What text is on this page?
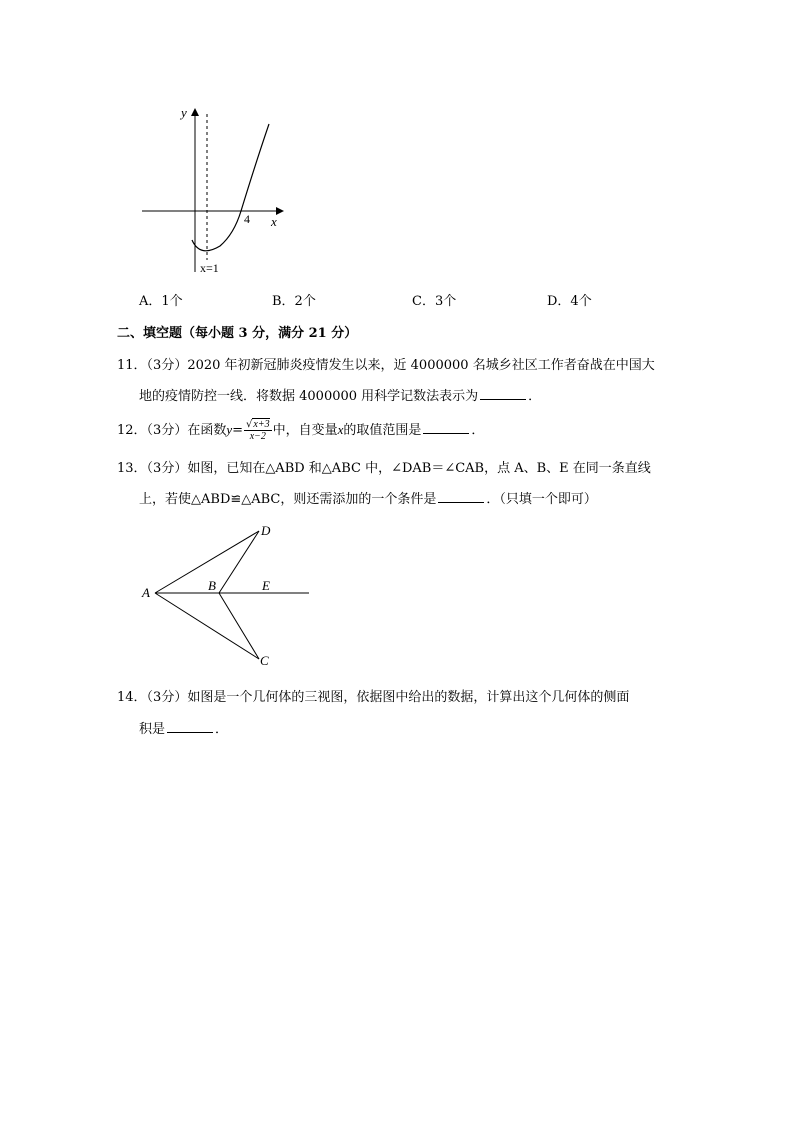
y
x
4
x=1
A．1个	B．2个	C．3个	D．4个
二、填空题（每小题 3 分，满分 21 分）
11．（3分）2020 年初新冠肺炎疫情发生以来，近 4000000 名城乡社区工作者奋战在中国大
地的疫情防控一线．将数据 4000000 用科学记数法表示为	．
12．（3分）在函数$y= \frac{√x+3}{x-2}$ 中，自变量x的取值范围是	．
13．（3分）如图，已知在△ABD 和△ABC 中，∠DAB＝∠CAB，点 A、B、E 在同一条直线
上，若使△ABD≌△ABC，则还需添加的一个条件是	．（只填一个即可）
A	B	E
D
C
14．（3分）如图是一个几何体的三视图，依据图中给出的数据，计算出这个几何体的侧面
积是	．
